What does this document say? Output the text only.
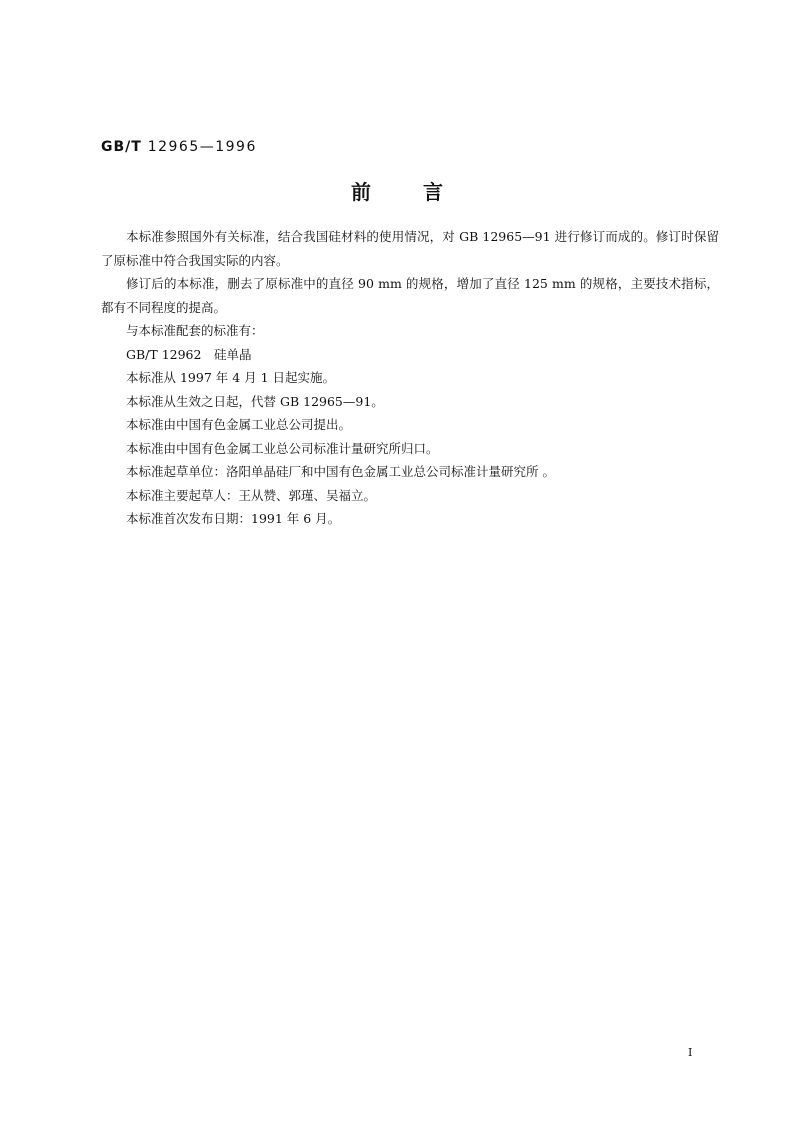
GB/T 12965—1996
前	言

本标准参照国外有关标准，结合我国硅材料的使用情况，对 GB 12965—91 进行修订而成的。修订时保留了原标准中符合我国实际的内容。

修订后的本标准，删去了原标准中的直径 90 mm 的规格，增加了直径 125 mm 的规格，主要技术指标，都有不同程度的提高。

与本标准配套的标准有：

GB/T 12962　硅单晶

本标准从 1997 年 4 月 1 日起实施。

本标准从生效之日起，代替 GB 12965—91。

本标准由中国有色金属工业总公司提出。

本标准由中国有色金属工业总公司标准计量研究所归口。

本标准起草单位：洛阳单晶硅厂和中国有色金属工业总公司标准计量研究所 。

本标准主要起草人：王从赞、郭瑾、吴福立。

本标准首次发布日期：1991 年 6 月。

I
